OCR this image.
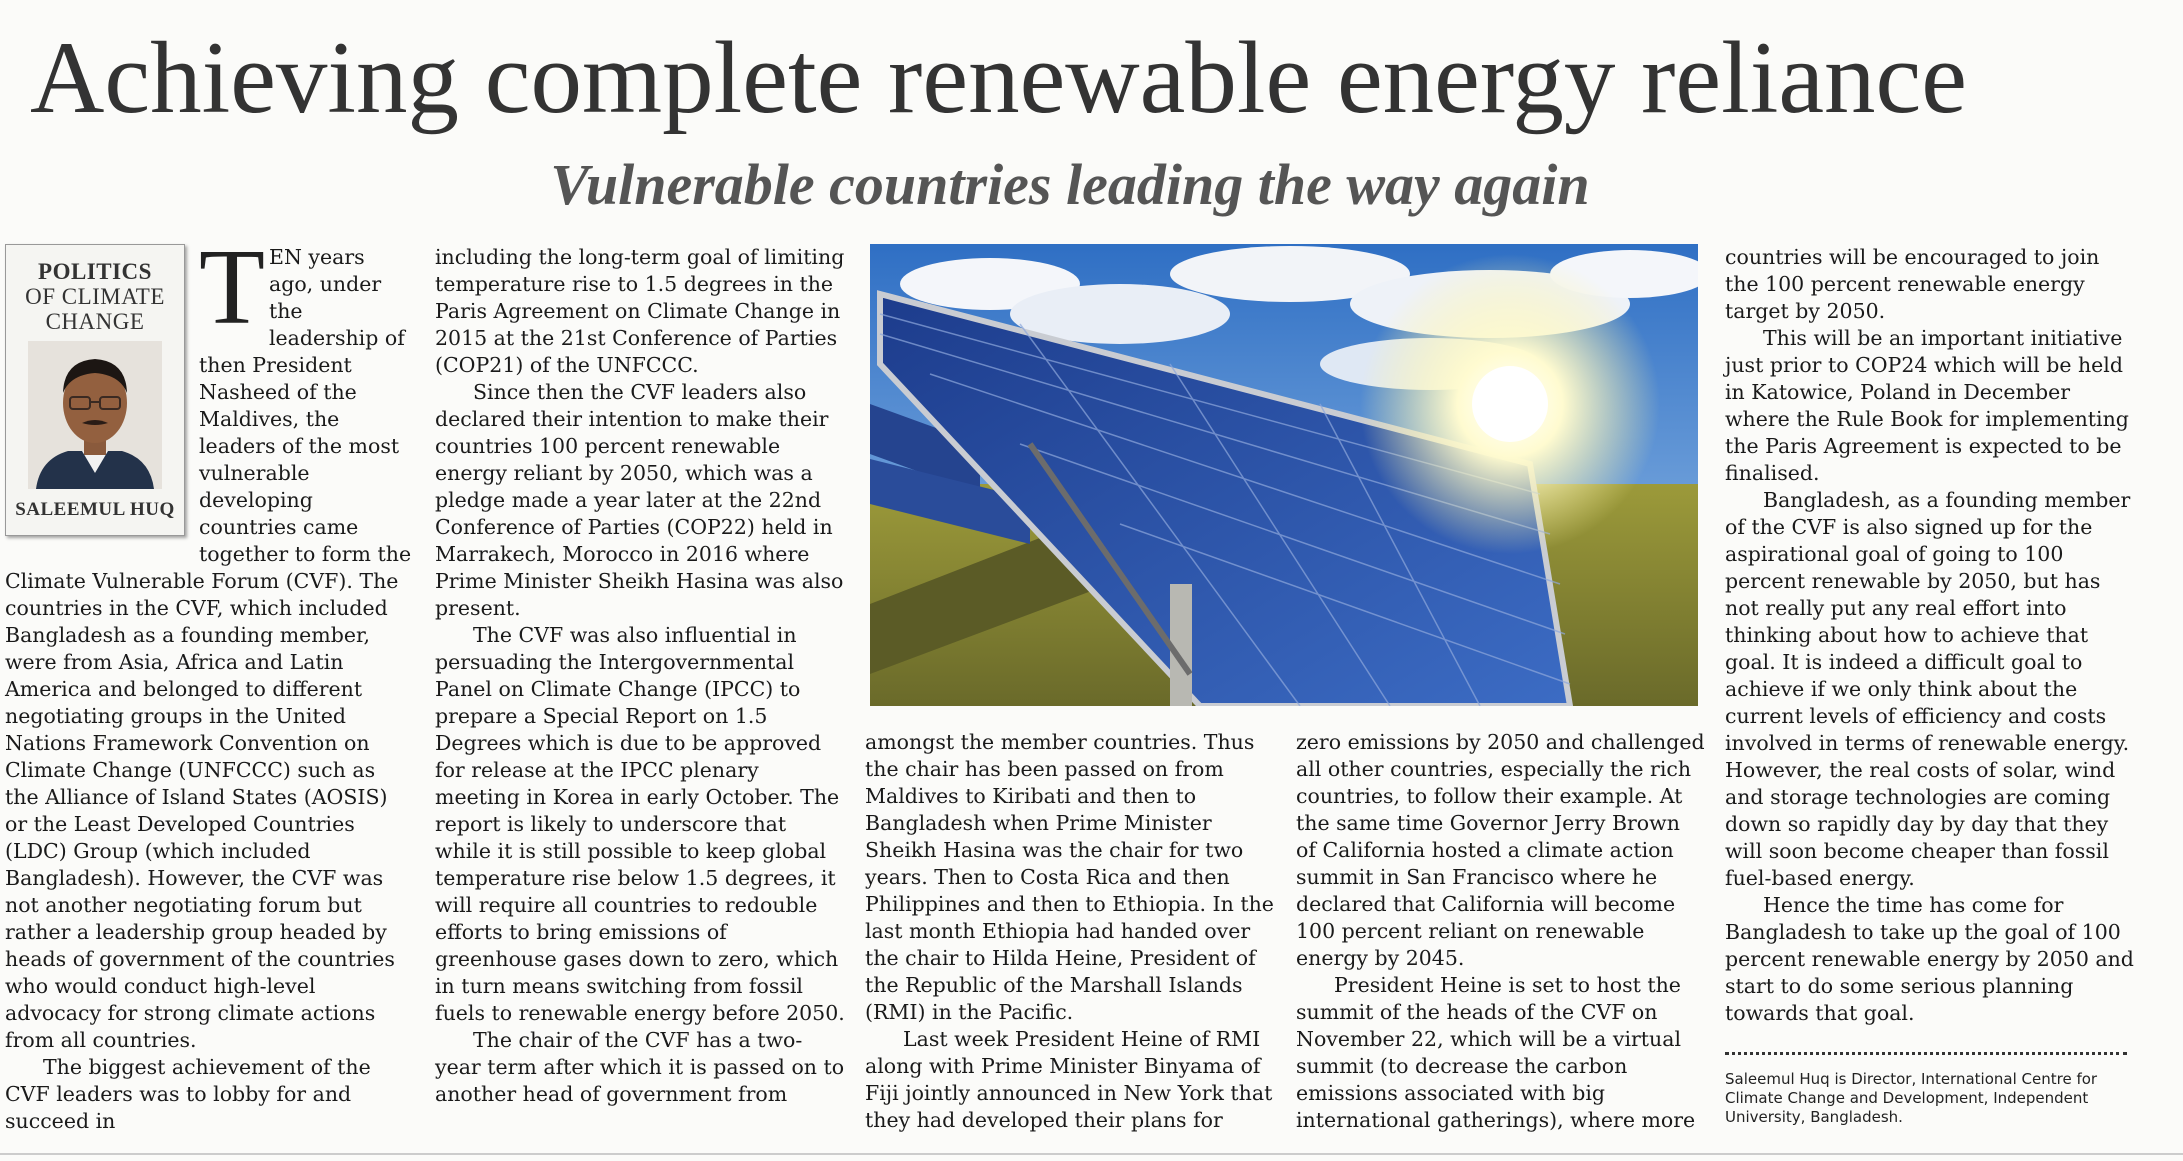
Achieving complete renewable energy reliance
Vulnerable countries leading the way again
POLITICS
OF CLIMATE
CHANGE
SALEEMUL HUQ

TEN years ago, under the leadership of then President Nasheed of the Maldives, the leaders of the most vulnerable developing countries came together to form the Climate Vulnerable Forum (CVF). The countries in the CVF, which included Bangladesh as a founding member, were from Asia, Africa and Latin America and belonged to different negotiating groups in the United Nations Framework Convention on Climate Change (UNFCCC) such as the Alliance of Island States (AOSIS) or the Least Developed Countries (LDC) Group (which included Bangladesh). However, the CVF was not another negotiating forum but rather a leadership group headed by heads of government of the countries who would conduct high-level advocacy for strong climate actions from all countries.

The biggest achievement of the CVF leaders was to lobby for and succeed in

including the long-term goal of limiting temperature rise to 1.5 degrees in the Paris Agreement on Climate Change in 2015 at the 21st Conference of Parties (COP21) of the UNFCCC.

Since then the CVF leaders also declared their intention to make their countries 100 percent renewable energy reliant by 2050, which was a pledge made a year later at the 22nd Conference of Parties (COP22) held in Marrakech, Morocco in 2016 where Prime Minister Sheikh Hasina was also present.

The CVF was also influential in persuading the Intergovernmental Panel on Climate Change (IPCC) to prepare a Special Report on 1.5 Degrees which is due to be approved for release at the IPCC plenary meeting in Korea in early October. The report is likely to underscore that while it is still possible to keep global temperature rise below 1.5 degrees, it will require all countries to redouble efforts to bring emissions of greenhouse gases down to zero, which in turn means switching from fossil fuels to renewable energy before 2050.

The chair of the CVF has a two-year term after which it is passed on to another head of government from

amongst the member countries. Thus the chair has been passed on from Maldives to Kiribati and then to Bangladesh when Prime Minister Sheikh Hasina was the chair for two years. Then to Costa Rica and then Philippines and then to Ethiopia. In the last month Ethiopia had handed over the chair to Hilda Heine, President of the Republic of the Marshall Islands (RMI) in the Pacific.

Last week President Heine of RMI along with Prime Minister Binyama of Fiji jointly announced in New York that they had developed their plans for

zero emissions by 2050 and challenged all other countries, especially the rich countries, to follow their example. At the same time Governor Jerry Brown of California hosted a climate action summit in San Francisco where he declared that California will become 100 percent reliant on renewable energy by 2045.

President Heine is set to host the summit of the heads of the CVF on November 22, which will be a virtual summit (to decrease the carbon emissions associated with big international gatherings), where more

countries will be encouraged to join the 100 percent renewable energy target by 2050.

This will be an important initiative just prior to COP24 which will be held in Katowice, Poland in December where the Rule Book for implementing the Paris Agreement is expected to be finalised.

Bangladesh, as a founding member of the CVF is also signed up for the aspirational goal of going to 100 percent renewable by 2050, but has not really put any real effort into thinking about how to achieve that goal. It is indeed a difficult goal to achieve if we only think about the current levels of efficiency and costs involved in terms of renewable energy. However, the real costs of solar, wind and storage technologies are coming down so rapidly day by day that they will soon become cheaper than fossil fuel-based energy.

Hence the time has come for Bangladesh to take up the goal of 100 percent renewable energy by 2050 and start to do some serious planning towards that goal.

Saleemul Huq is Director, International Centre for Climate Change and Development, Independent University, Bangladesh.
